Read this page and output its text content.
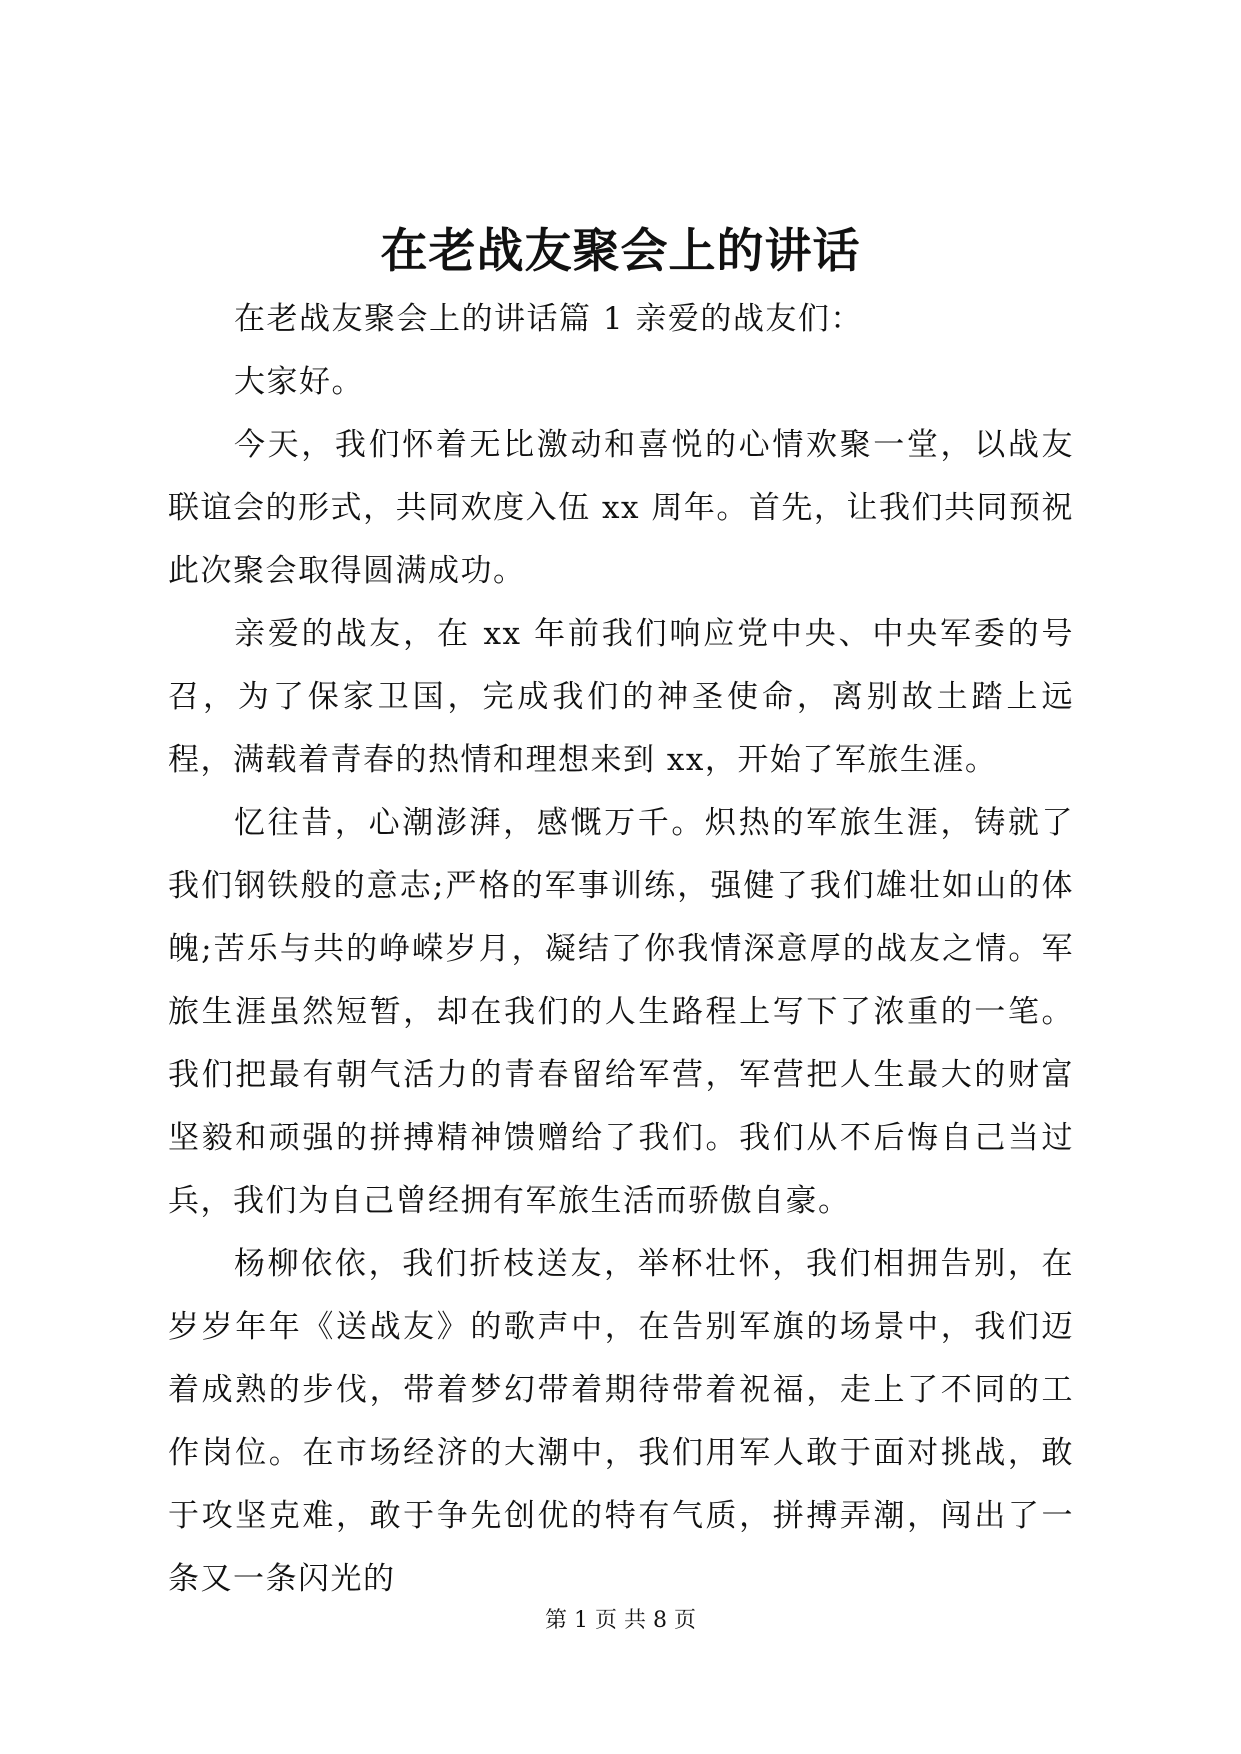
在老战友聚会上的讲话

在老战友聚会上的讲话篇 1 亲爱的战友们：

大家好。

今天，我们怀着无比激动和喜悦的心情欢聚一堂，以战友联谊会的形式，共同欢度入伍 xx 周年。首先，让我们共同预祝此次聚会取得圆满成功。

亲爱的战友，在 xx 年前我们响应党中央、中央军委的号召，为了保家卫国，完成我们的神圣使命，离别故土踏上远程，满载着青春的热情和理想来到 xx，开始了军旅生涯。

忆往昔，心潮澎湃，感慨万千。炽热的军旅生涯，铸就了我们钢铁般的意志;严格的军事训练，强健了我们雄壮如山的体魄;苦乐与共的峥嵘岁月，凝结了你我情深意厚的战友之情。军旅生涯虽然短暂，却在我们的人生路程上写下了浓重的一笔。我们把最有朝气活力的青春留给军营，军营把人生最大的财富坚毅和顽强的拼搏精神馈赠给了我们。我们从不后悔自己当过兵，我们为自己曾经拥有军旅生活而骄傲自豪。

杨柳依依，我们折枝送友，举杯壮怀，我们相拥告别，在岁岁年年《送战友》的歌声中，在告别军旗的场景中，我们迈着成熟的步伐，带着梦幻带着期待带着祝福，走上了不同的工作岗位。在市场经济的大潮中，我们用军人敢于面对挑战，敢于攻坚克难，敢于争先创优的特有气质，拼搏弄潮，闯出了一条又一条闪光的

第 1 页 共 8 页
